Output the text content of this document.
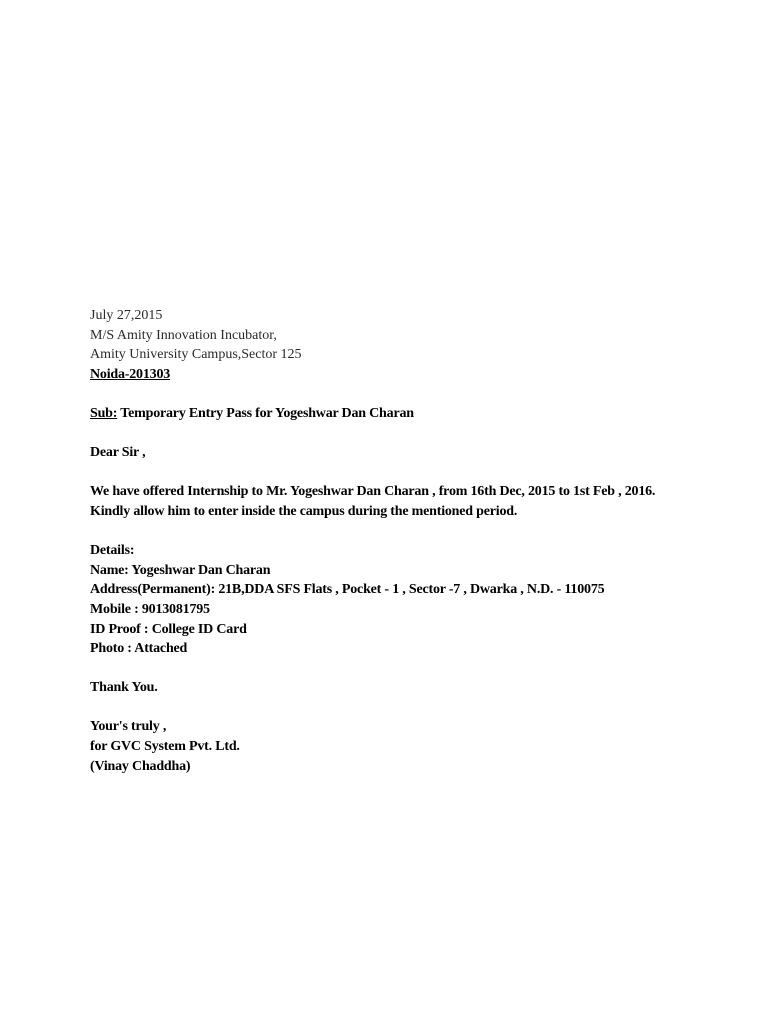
July 27,2015
M/S Amity Innovation Incubator,
Amity University Campus,Sector 125
Noida-201303
Sub: Temporary Entry Pass for Yogeshwar Dan Charan
Dear Sir ,
We have offered Internship to Mr. Yogeshwar Dan Charan , from 16th Dec, 2015 to 1st Feb , 2016.
Kindly allow him to enter inside the campus during the mentioned period.
Details:
Name: Yogeshwar Dan Charan
Address(Permanent): 21B,DDA SFS Flats , Pocket - 1 , Sector -7 , Dwarka , N.D. - 110075
Mobile : 9013081795
ID Proof : College ID Card
Photo : Attached
Thank You.
Your's truly ,
for GVC System Pvt. Ltd.
(Vinay Chaddha)
